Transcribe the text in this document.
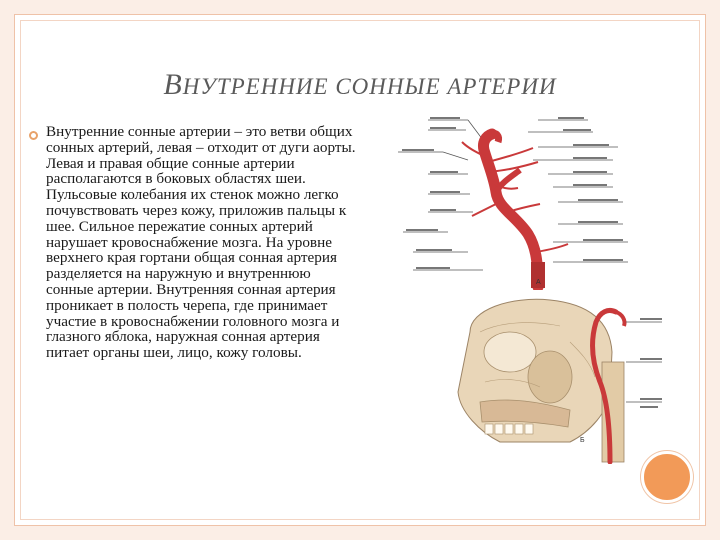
ВНУТРЕННИЕ СОННЫЕ АРТЕРИИ
Внутренние сонные артерии – это ветви общих сонных артерий, левая – отходит от дуги аорты. Левая и правая общие сонные артерии располагаются в боковых областях шеи. Пульсовые колебания их стенок можно легко почувствовать через кожу, приложив пальцы к шее. Сильное пережатие сонных артерий нарушает кровоснабжение мозга. На уровне верхнего края гортани общая сонная артерия разделяется на наружную и внутреннюю сонные артерии. Внутренняя сонная артерия проникает в полость черепа, где принимает участие в кровоснабжении головного мозга и глазного яблока, наружная сонная артерия питает органы шеи, лицо, кожу головы.
А
Б
